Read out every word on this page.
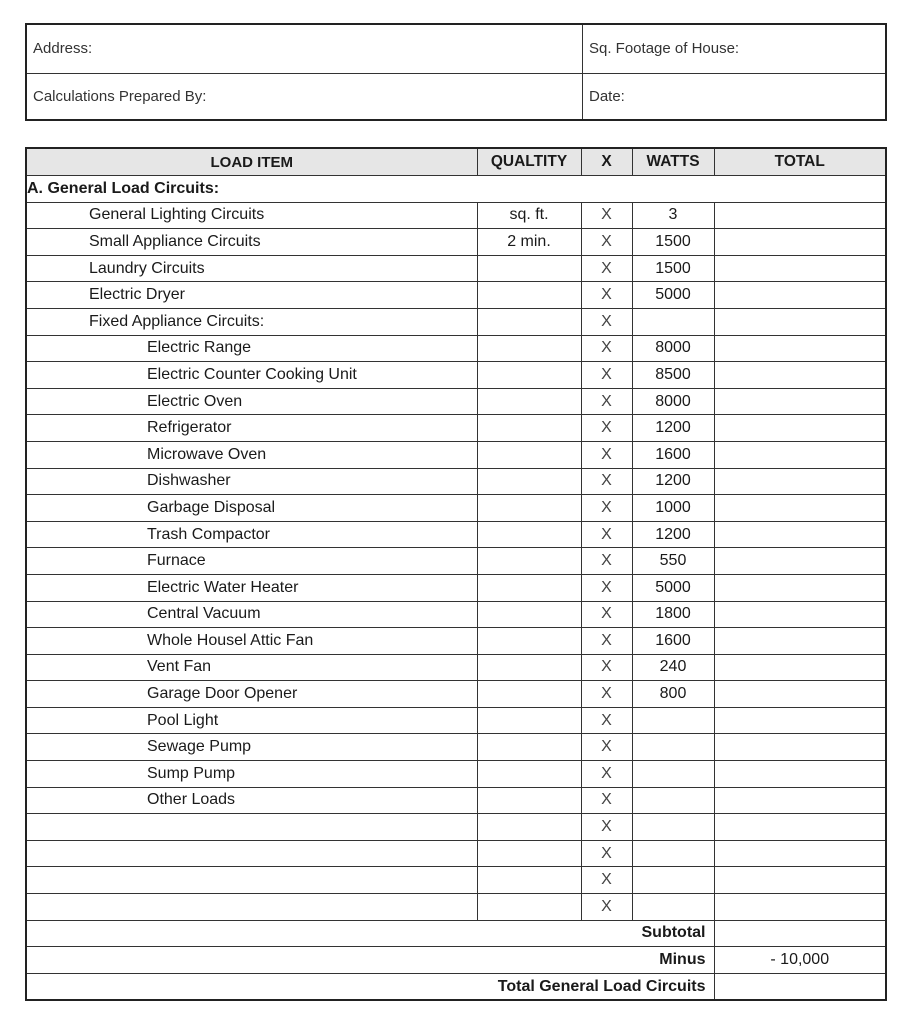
Address:	Sq. Footage of House:
Calculations Prepared By:	Date:
LOAD ITEM	QUALTITY	X	WATTS	TOTAL
A. General Load Circuits:				
General Lighting Circuits	sq. ft.	X	3	
Small Appliance Circuits	2 min.	X	1500	
Laundry Circuits		X	1500	
Electric Dryer		X	5000	
Fixed Appliance Circuits:		X		
Electric Range		X	8000	
Electric Counter Cooking Unit		X	8500	
Electric Oven		X	8000	
Refrigerator		X	1200	
Microwave Oven		X	1600	
Dishwasher		X	1200	
Garbage Disposal		X	1000	
Trash Compactor		X	1200	
Furnace		X	550	
Electric Water Heater		X	5000	
Central Vacuum		X	1800	
Whole Housel Attic Fan		X	1600	
Vent Fan		X	240	
Garage Door Opener		X	800	
Pool Light		X		
Sewage Pump		X		
Sump Pump		X		
Other Loads		X		
		X		
		X		
		X		
		X		
Subtotal				
Minus				- 10,000
Total General Load Circuits				
